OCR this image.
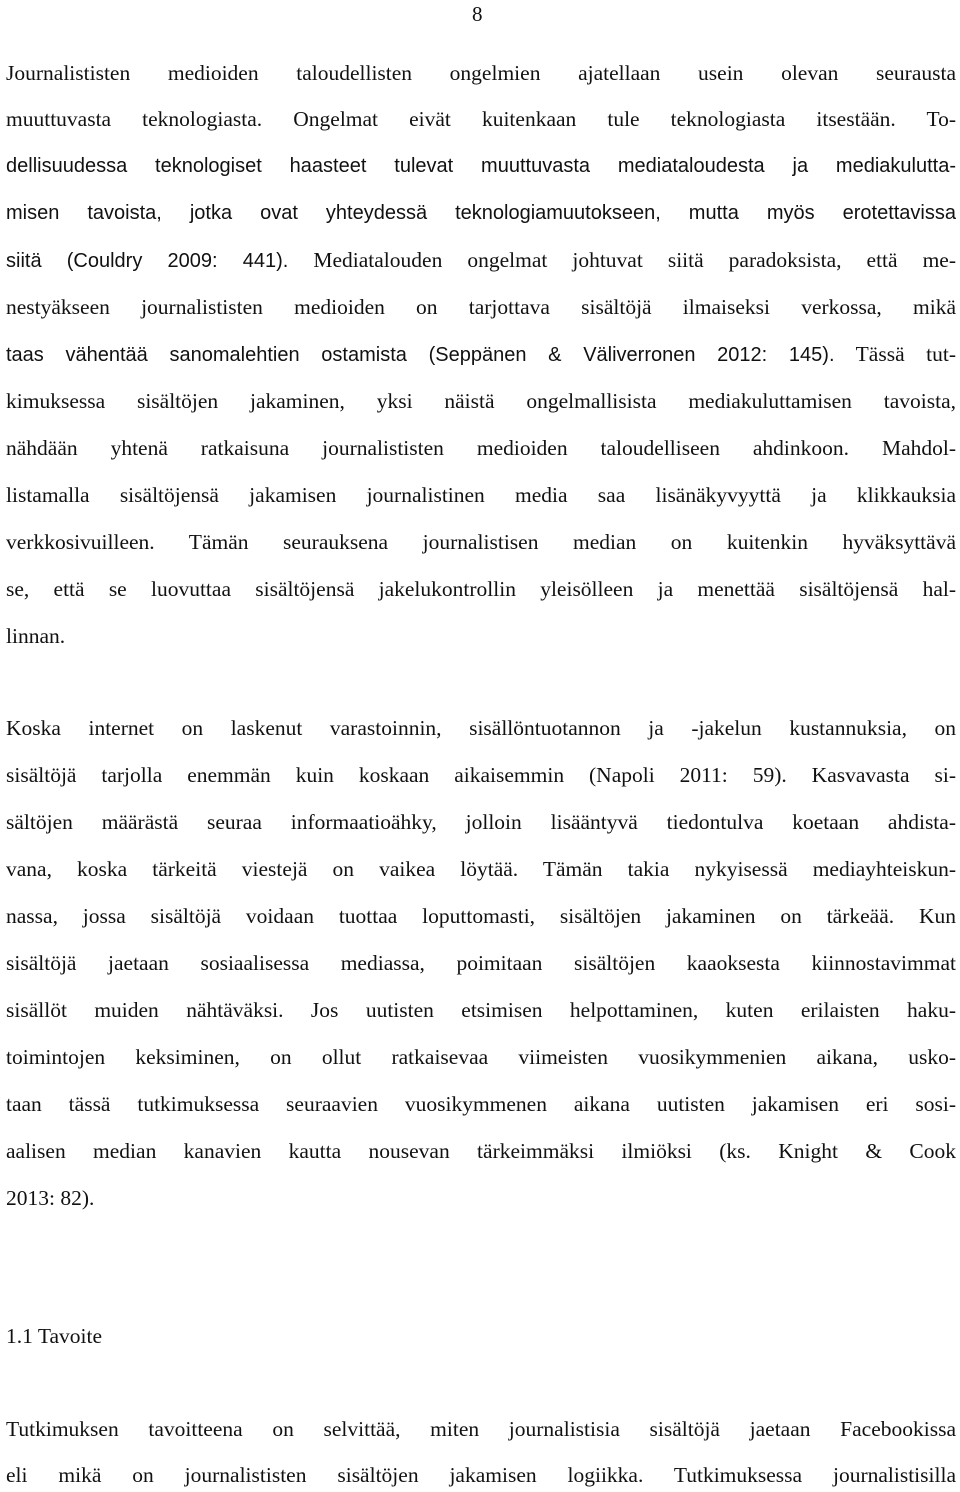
8
Journalististen medioiden taloudellisten ongelmien ajatellaan usein olevan seurausta
muuttuvasta teknologiasta. Ongelmat eivät kuitenkaan tule teknologiasta itsestään. To-
dellisuudessa teknologiset haasteet tulevat muuttuvasta mediataloudesta ja mediakulutta-
misen tavoista, jotka ovat yhteydessä teknologiamuutokseen, mutta myös erotettavissa
siitä (Couldry 2009: 441). Mediatalouden ongelmat johtuvat siitä paradoksista, että me-
nestyäkseen journalististen medioiden on tarjottava sisältöjä ilmaiseksi verkossa, mikä
taas vähentää sanomalehtien ostamista (Seppänen & Väliverronen 2012: 145). Tässä tut-
kimuksessa sisältöjen jakaminen, yksi näistä ongelmallisista mediakuluttamisen tavoista,
nähdään yhtenä ratkaisuna journalististen medioiden taloudelliseen ahdinkoon. Mahdol-
listamalla sisältöjensä jakamisen journalistinen media saa lisänäkyvyyttä ja klikkauksia
verkkosivuilleen. Tämän seurauksena journalistisen median on kuitenkin hyväksyttävä
se, että se luovuttaa sisältöjensä jakelukontrollin yleisölleen ja menettää sisältöjensä hal-
linnan.
Koska internet on laskenut varastoinnin, sisällöntuotannon ja -jakelun kustannuksia, on
sisältöjä tarjolla enemmän kuin koskaan aikaisemmin (Napoli 2011: 59). Kasvavasta si-
sältöjen määrästä seuraa informaatioähky, jolloin lisääntyvä tiedontulva koetaan ahdista-
vana, koska tärkeitä viestejä on vaikea löytää. Tämän takia nykyisessä mediayhteiskun-
nassa, jossa sisältöjä voidaan tuottaa loputtomasti, sisältöjen jakaminen on tärkeää. Kun
sisältöjä jaetaan sosiaalisessa mediassa, poimitaan sisältöjen kaaoksesta kiinnostavimmat
sisällöt muiden nähtäväksi. Jos uutisten etsimisen helpottaminen, kuten erilaisten haku-
toimintojen keksiminen, on ollut ratkaisevaa viimeisten vuosikymmenien aikana, usko-
taan tässä tutkimuksessa seuraavien vuosikymmenen aikana uutisten jakamisen eri sosi-
aalisen median kanavien kautta nousevan tärkeimmäksi ilmiöksi (ks. Knight & Cook
2013: 82).
1.1 Tavoite
Tutkimuksen tavoitteena on selvittää, miten journalistisia sisältöjä jaetaan Facebookissa
eli mikä on journalististen sisältöjen jakamisen logiikka. Tutkimuksessa journalistisilla
